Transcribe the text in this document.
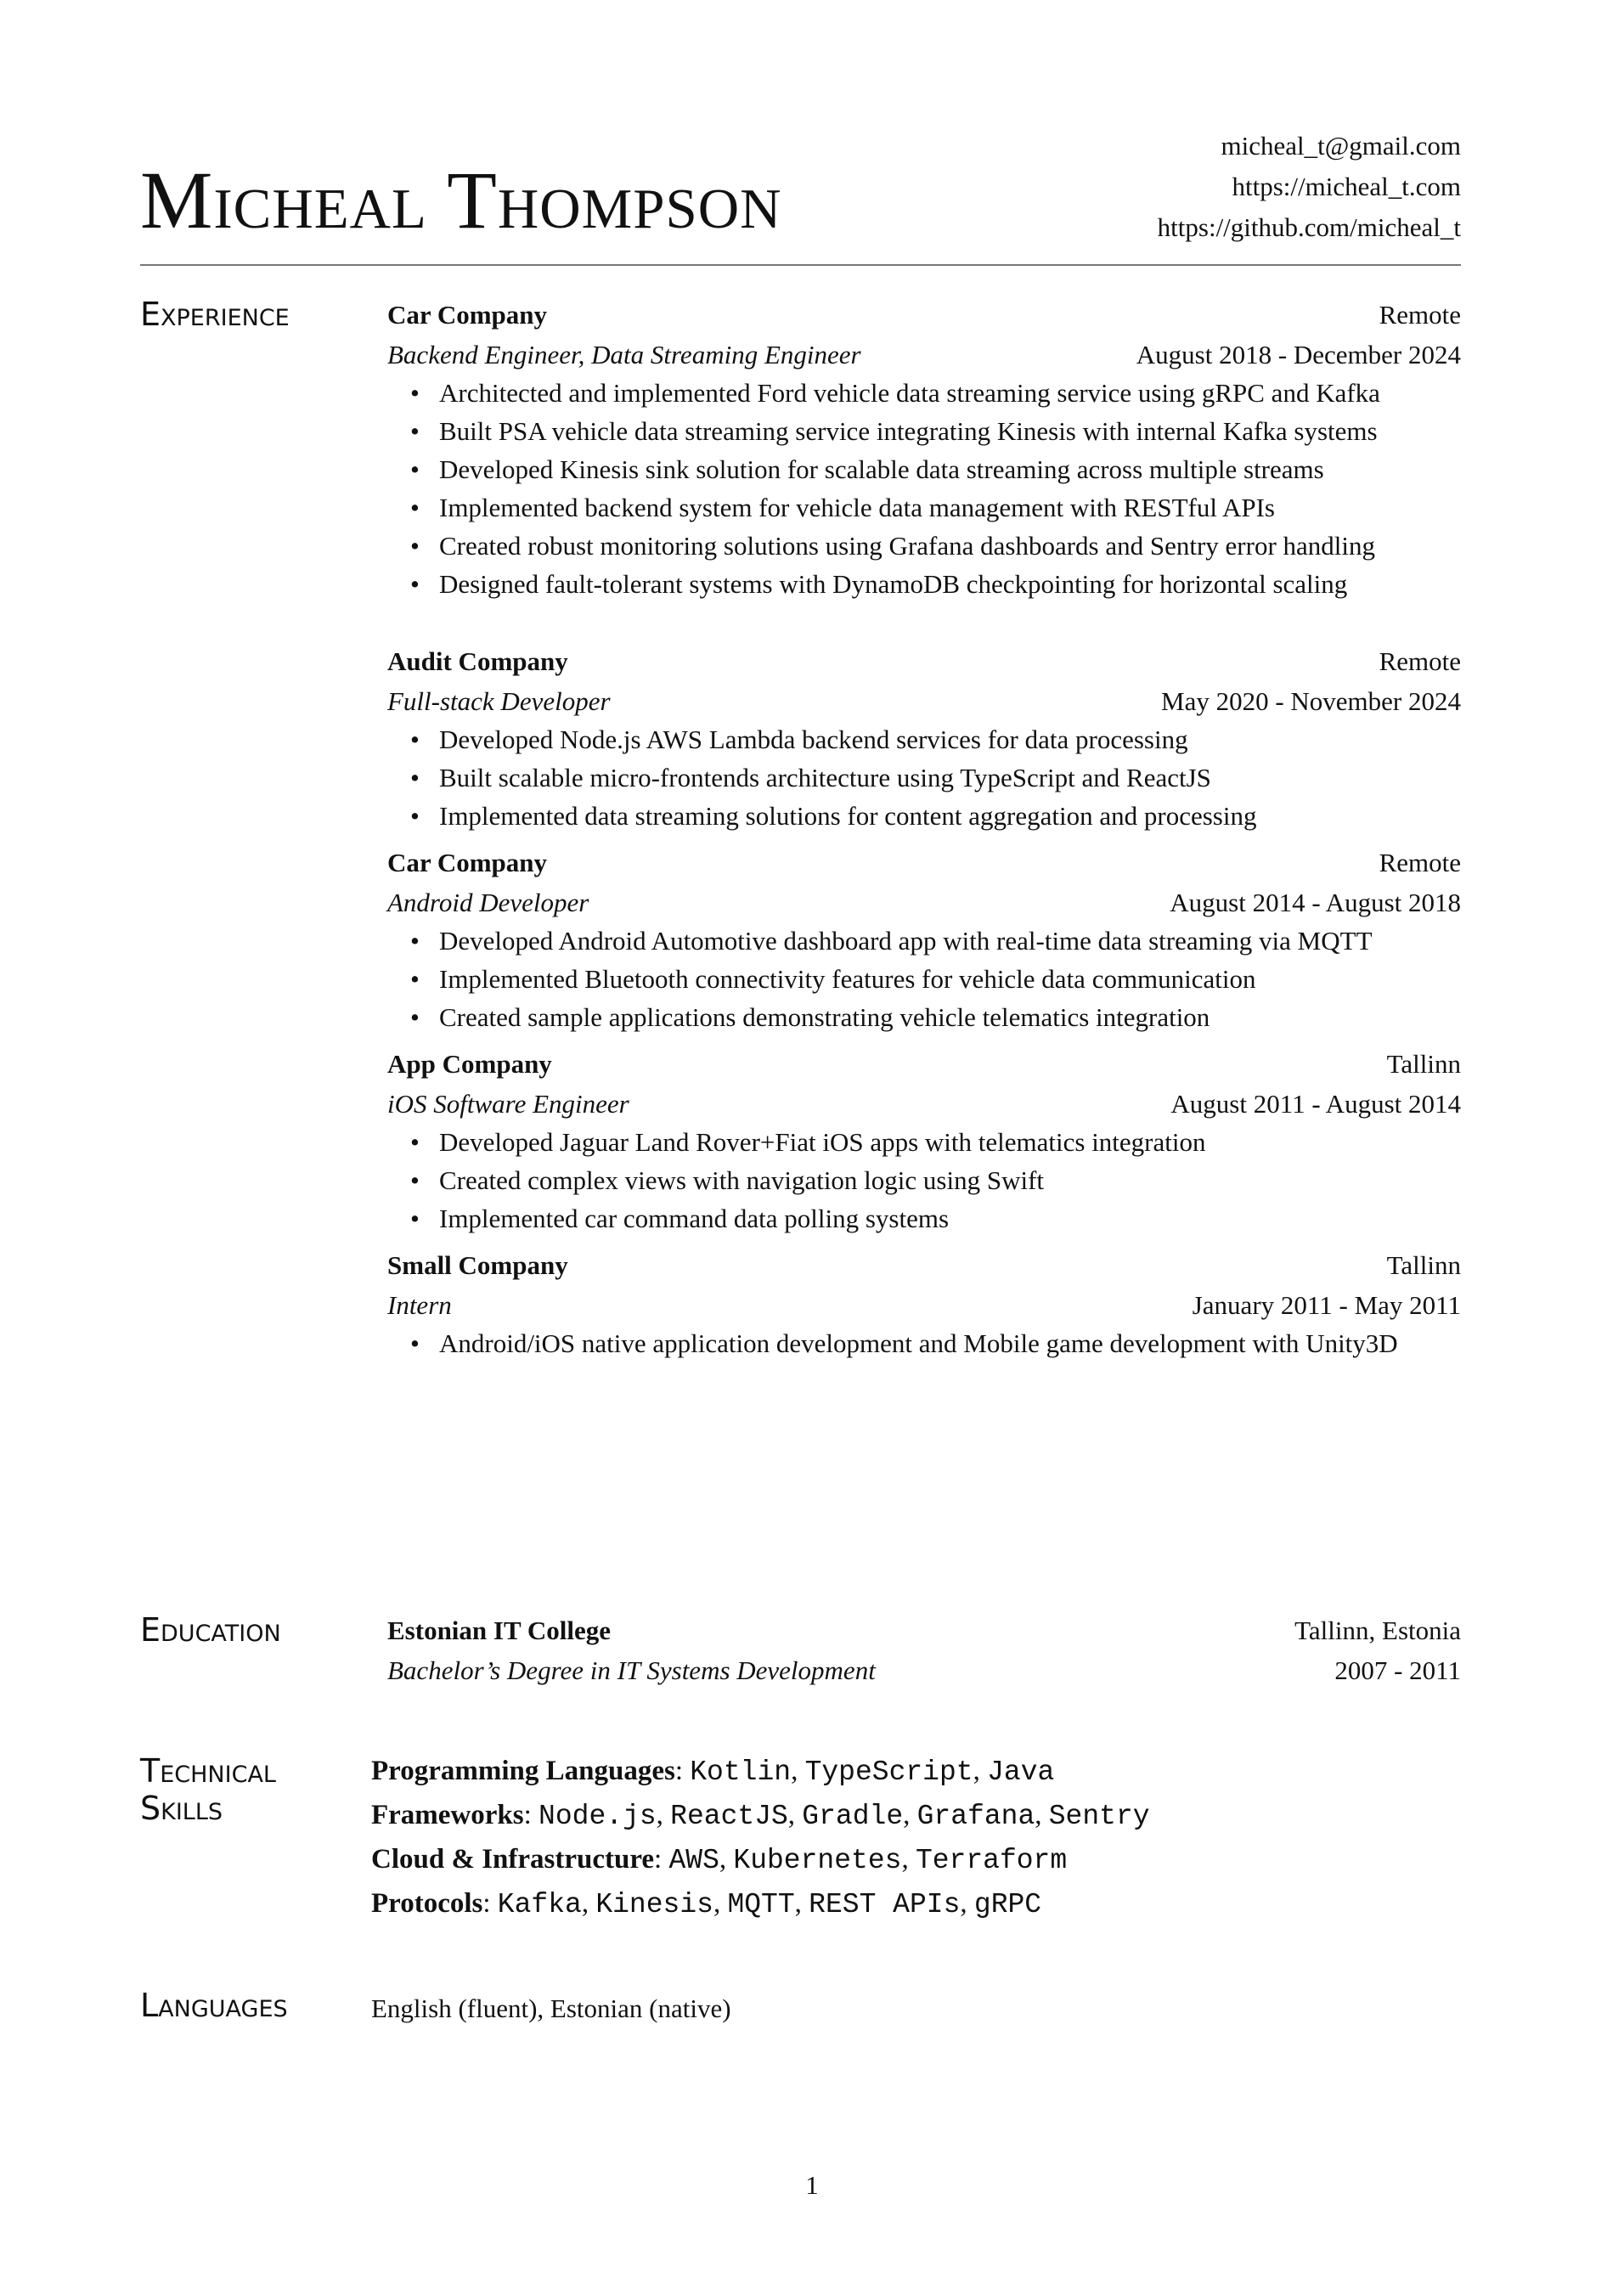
Micheal Thompson
micheal_t@gmail.com
https://micheal_t.com
https://github.com/micheal_t
Experience	Car Company	Remote
Backend Engineer, Data Streaming Engineer	August 2018 - December 2024
• Architected and implemented Ford vehicle data streaming service using gRPC and Kafka
• Built PSA vehicle data streaming service integrating Kinesis with internal Kafka systems
• Developed Kinesis sink solution for scalable data streaming across multiple streams
• Implemented backend system for vehicle data management with RESTful APIs
• Created robust monitoring solutions using Grafana dashboards and Sentry error handling
• Designed fault-tolerant systems with DynamoDB checkpointing for horizontal scaling
Audit Company	Remote
Full-stack Developer	May 2020 - November 2024
• Developed Node.js AWS Lambda backend services for data processing
• Built scalable micro-frontends architecture using TypeScript and ReactJS
• Implemented data streaming solutions for content aggregation and processing
Car Company	Remote
Android Developer	August 2014 - August 2018
• Developed Android Automotive dashboard app with real-time data streaming via MQTT
• Implemented Bluetooth connectivity features for vehicle data communication
• Created sample applications demonstrating vehicle telematics integration
App Company	Tallinn
iOS Software Engineer	August 2011 - August 2014
• Developed Jaguar Land Rover+Fiat iOS apps with telematics integration
• Created complex views with navigation logic using Swift
• Implemented car command data polling systems
Small Company	Tallinn
Intern	January 2011 - May 2011
• Android/iOS native application development and Mobile game development with Unity3D
Education	Estonian IT College	Tallinn, Estonia
Bachelor’s Degree in IT Systems Development	2007 - 2011
Technical
Skills
Programming Languages: Kotlin, TypeScript, Java
Frameworks: Node.js, ReactJS, Gradle, Grafana, Sentry
Cloud & Infrastructure: AWS, Kubernetes, Terraform
Protocols: Kafka, Kinesis, MQTT, REST APIs, gRPC
Languages	English (fluent), Estonian (native)
1
